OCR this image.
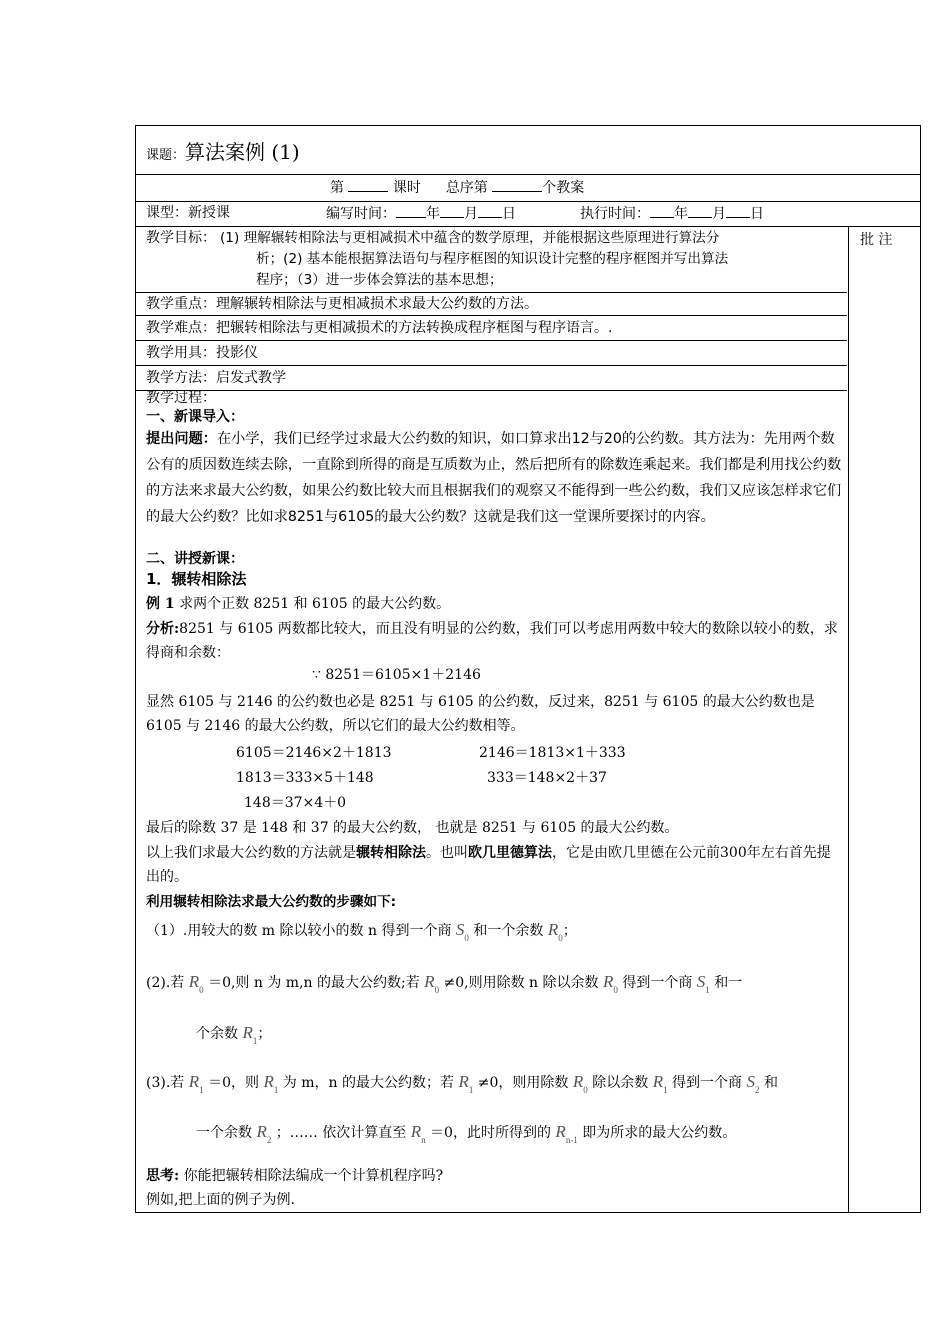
课题：算法案例 (1)
第	课时 总序第	个教案
课型：新授课	编写时间： 年 月 日	执行时间： 年 月 日
批 注
教学目标： (1) 理解辗转相除法与更相减损术中蕴含的数学原理，并能根据这些原理进行算法分
析；(2) 基本能根据算法语句与程序框图的知识设计完整的程序框图并写出算法
程序；（3）进一步体会算法的基本思想；
教学重点：理解辗转相除法与更相减损术求最大公约数的方法。
教学难点：把辗转相除法与更相减损术的方法转换成程序框图与程序语言。.
教学用具：投影仪
教学方法：启发式教学
教学过程：
一、新课导入：
提出问题：在小学，我们已经学过求最大公约数的知识，如口算求出12与20的公约数。其方法为：先用两个数公有的质因数连续去除，一直除到所得的商是互质数为止，然后把所有的除数连乘起来。我们都是利用找公约数的方法来求最大公约数，如果公约数比较大而且根据我们的观察又不能得到一些公约数，我们又应该怎样求它们的最大公约数？比如求8251与6105的最大公约数？这就是我们这一堂课所要探讨的内容。
二、讲授新课：
1．辗转相除法
例 1 求两个正数 8251 和 6105 的最大公约数。
分析:8251 与 6105 两数都比较大，而且没有明显的公约数，我们可以考虑用两数中较大的数除以较小的数，求得商和余数：
∵ 8251＝6105×1＋2146
显然 6105 与 2146 的公约数也必是 8251 与 6105 的公约数，反过来，8251 与 6105 的最大公约数也是 6105 与 2146 的最大公约数，所以它们的最大公约数相等。
6105＝2146×2＋1813	2146＝1813×1＋333
1813＝333×5＋148	333＝148×2＋37
148＝37×4＋0
最后的除数 37 是 148 和 37 的最大公约数， 也就是 8251 与 6105 的最大公约数。
以上我们求最大公约数的方法就是辗转相除法。也叫欧几里德算法，它是由欧几里德在公元前300年左右首先提出的。
利用辗转相除法求最大公约数的步骤如下:
（1）.用较大的数 m 除以较小的数 n 得到一个商 $S_0$ 和一个余数 $R_0$；
(2).若 $R_0 =0$,则 n 为 m,n 的最大公约数;若 $R_0 \ne 0$,则用除数 n 除以余数 $R_0$ 得到一个商 $S_1$ 和一
个余数 $R_1$；
(3).若 $R_1 =0$，则 $R_1$ 为 m，n 的最大公约数；若 $R_1 \ne 0$，则用除数 $R_0$ 除以余数 $R_1$ 得到一个商 $S_2$ 和
一个余数 $R_2$ ；…… 依次计算直至 $R_n =0$，此时所得到的 $R_{n-1}$ 即为所求的最大公约数。
思考: 你能把辗转相除法编成一个计算机程序吗?
例如,把上面的例子为例.
